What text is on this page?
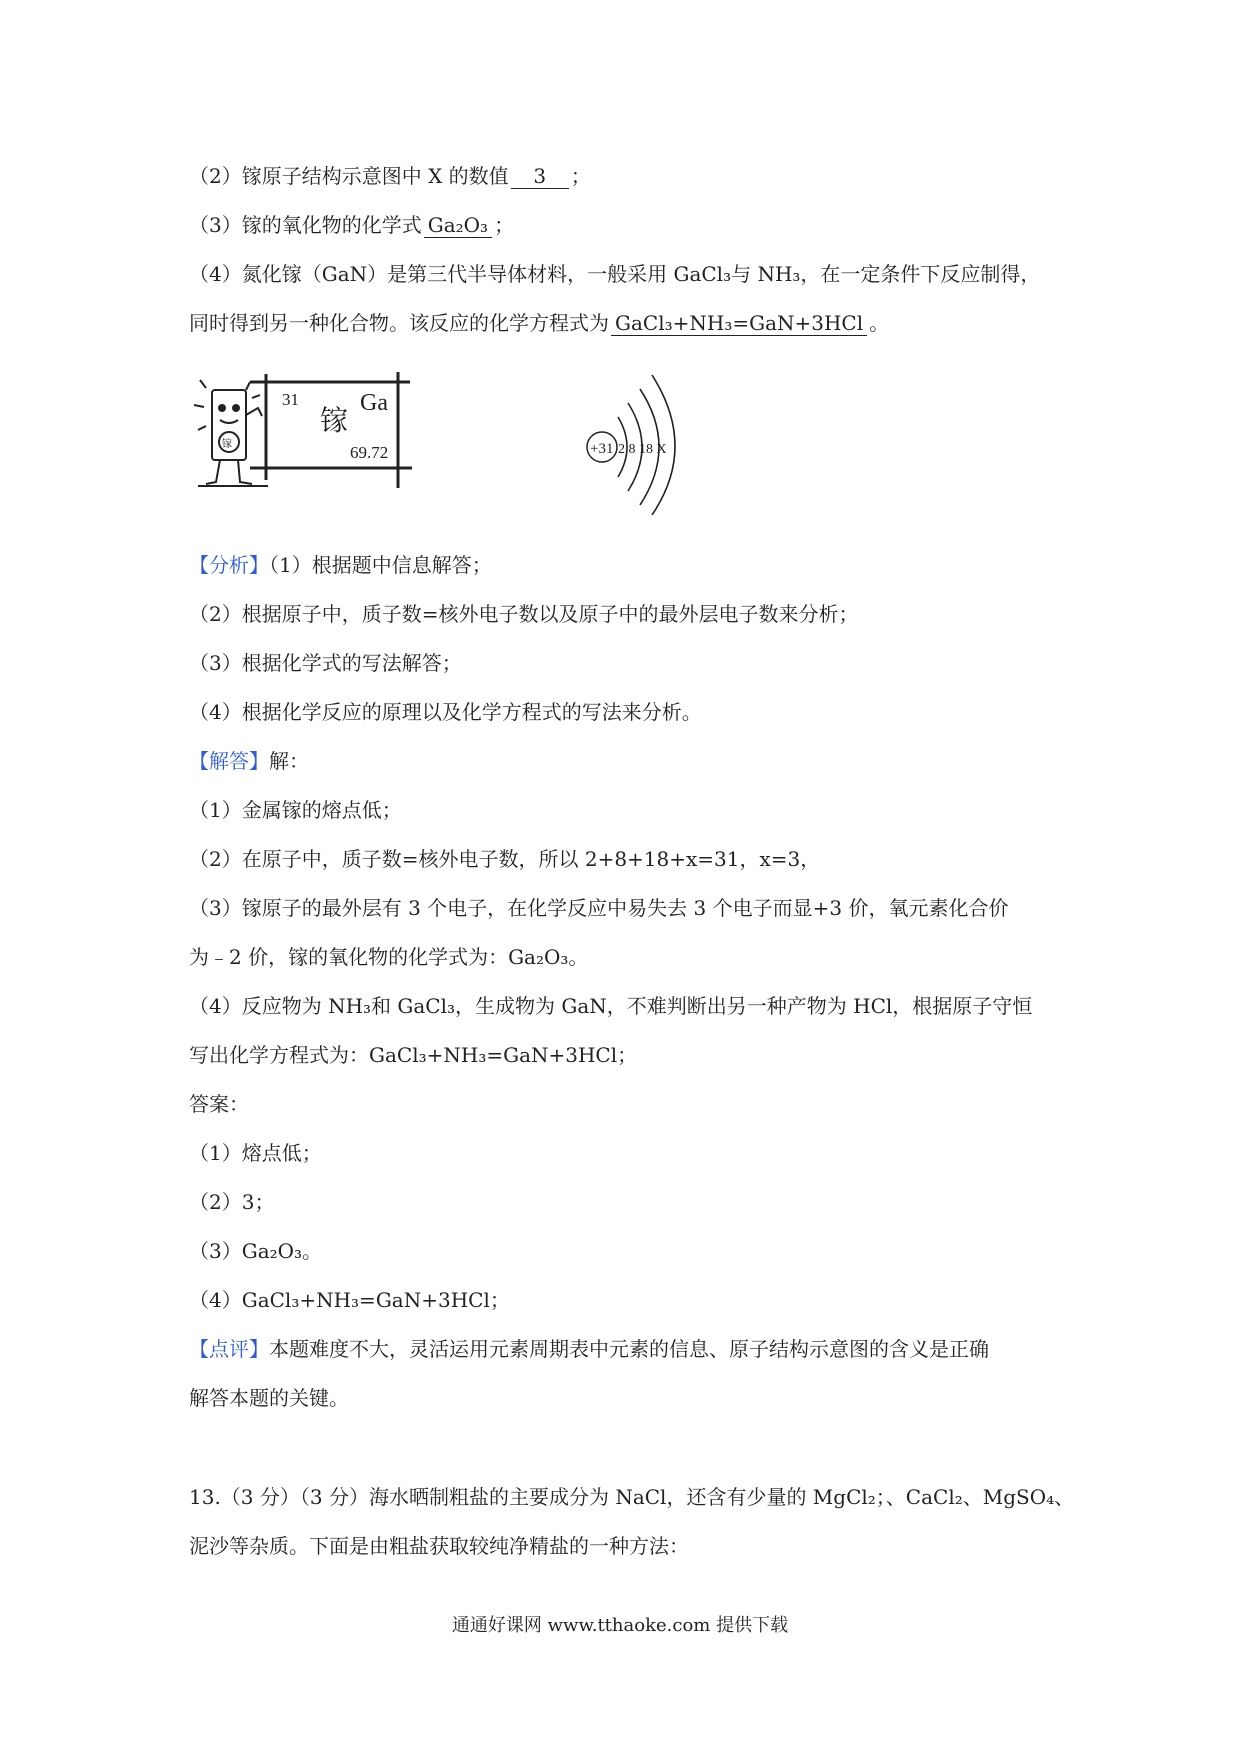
（2）镓原子结构示意图中 X 的数值 3 ；
（3）镓的氧化物的化学式 Ga₂O₃ ；
（4）氮化镓（GaN）是第三代半导体材料，一般采用 GaCl₃与 NH₃，在一定条件下反应制得，
同时得到另一种化合物。该反应的化学方程式为 GaCl₃+NH₃=GaN+3HCl 。
镓
31	Ga
镓
69.72	+31 2 8 18 X
【分析】（1）根据题中信息解答；
（2）根据原子中，质子数=核外电子数以及原子中的最外层电子数来分析；
（3）根据化学式的写法解答；
（4）根据化学反应的原理以及化学方程式的写法来分析。
【解答】解：
（1）金属镓的熔点低；
（2）在原子中，质子数=核外电子数，所以 2+8+18+x=31，x=3，
（3）镓原子的最外层有 3 个电子，在化学反应中易失去 3 个电子而显+3 价，氧元素化合价
为﹣2 价，镓的氧化物的化学式为：Ga₂O₃。
（4）反应物为 NH₃和 GaCl₃，生成物为 GaN，不难判断出另一种产物为 HCl，根据原子守恒
写出化学方程式为：GaCl₃+NH₃=GaN+3HCl；
答案：
（1）熔点低；
（2）3；
（3）Ga₂O₃。
（4）GaCl₃+NH₃=GaN+3HCl；
【点评】本题难度不大，灵活运用元素周期表中元素的信息、原子结构示意图的含义是正确
解答本题的关键。
13.（3 分）（3 分）海水晒制粗盐的主要成分为 NaCl，还含有少量的 MgCl₂；、CaCl₂、MgSO₄、
泥沙等杂质。下面是由粗盐获取较纯净精盐的一种方法：
通通好课网 www.tthaoke.com 提供下载
